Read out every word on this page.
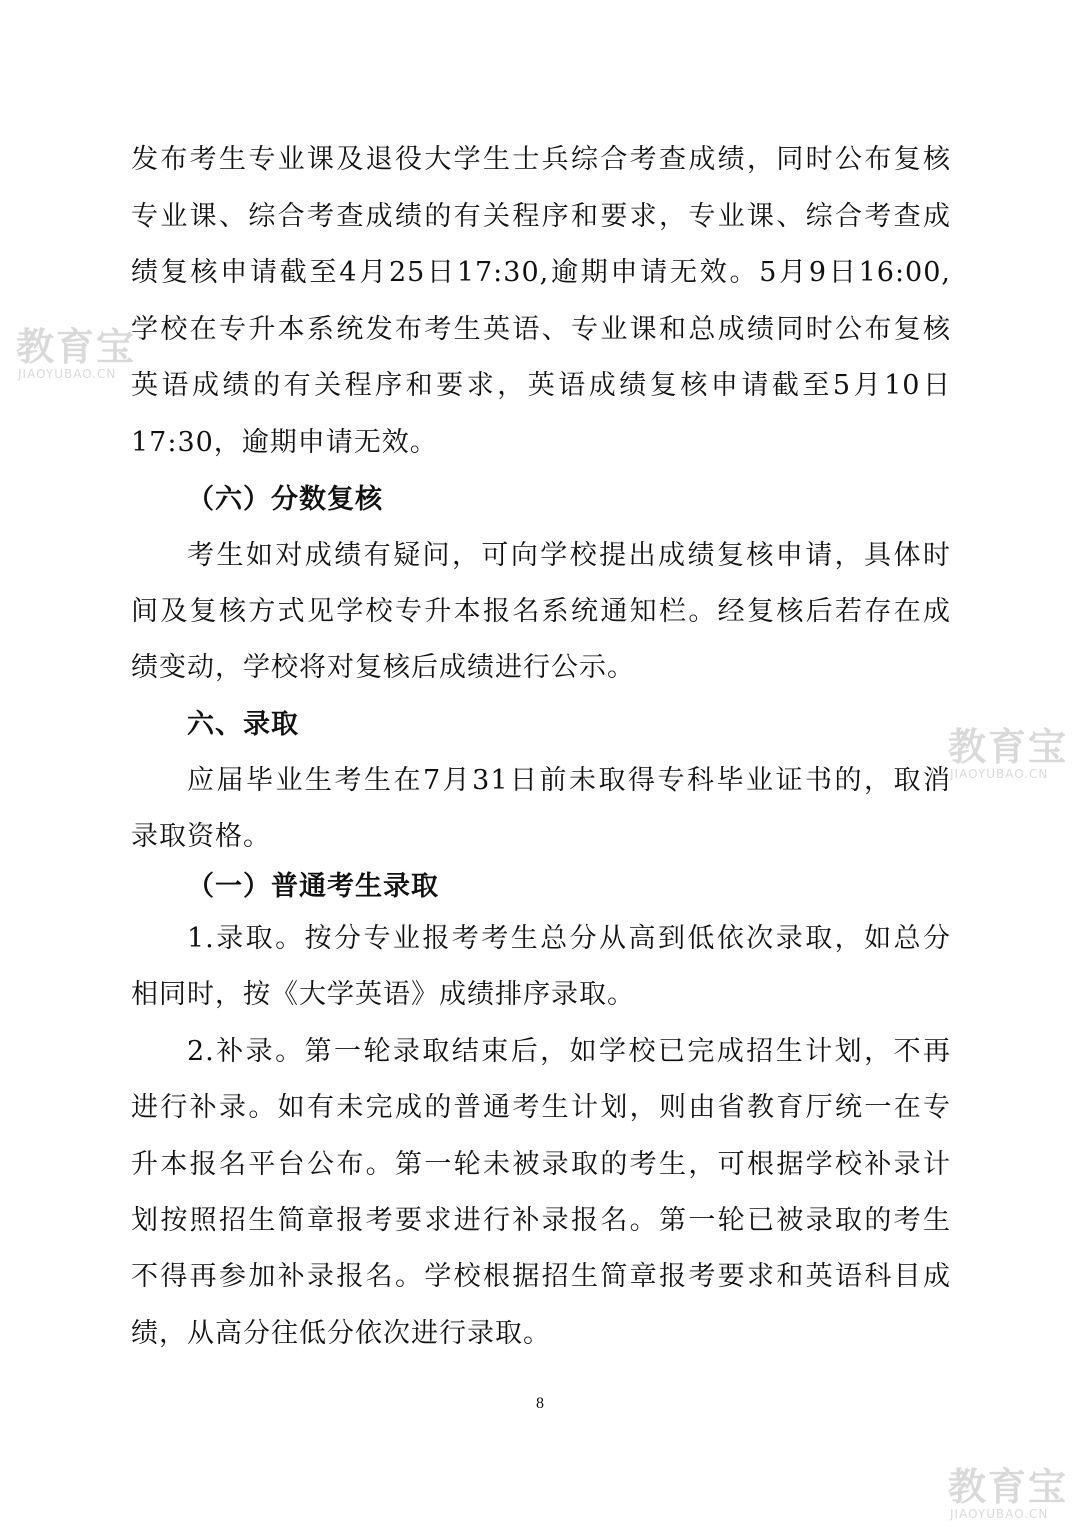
发布考生专业课及退役大学生士兵综合考查成绩，同时公布复核
专业课、综合考查成绩的有关程序和要求，专业课、综合考查成
绩复核申请截至4月25日17:30,逾期申请无效。5月9日16:00,
学校在专升本系统发布考生英语、专业课和总成绩同时公布复核
英语成绩的有关程序和要求，英语成绩复核申请截至5月10日
17:30，逾期申请无效。
（六）分数复核
考生如对成绩有疑问，可向学校提出成绩复核申请，具体时
间及复核方式见学校专升本报名系统通知栏。经复核后若存在成
绩变动，学校将对复核后成绩进行公示。
六、录取
应届毕业生考生在7月31日前未取得专科毕业证书的，取消
录取资格。
（一）普通考生录取
1.录取。按分专业报考考生总分从高到低依次录取，如总分
相同时，按《大学英语》成绩排序录取。
2.补录。第一轮录取结束后，如学校已完成招生计划，不再
进行补录。如有未完成的普通考生计划，则由省教育厅统一在专
升本报名平台公布。第一轮未被录取的考生，可根据学校补录计
划按照招生简章报考要求进行补录报名。第一轮已被录取的考生
不得再参加补录报名。学校根据招生简章报考要求和英语科目成
绩，从高分往低分依次进行录取。
8
教育宝
JIAOYUBAO.CN
教育宝
JIAOYUBAO.CN
教育宝
JIAOYUBAO.CN
